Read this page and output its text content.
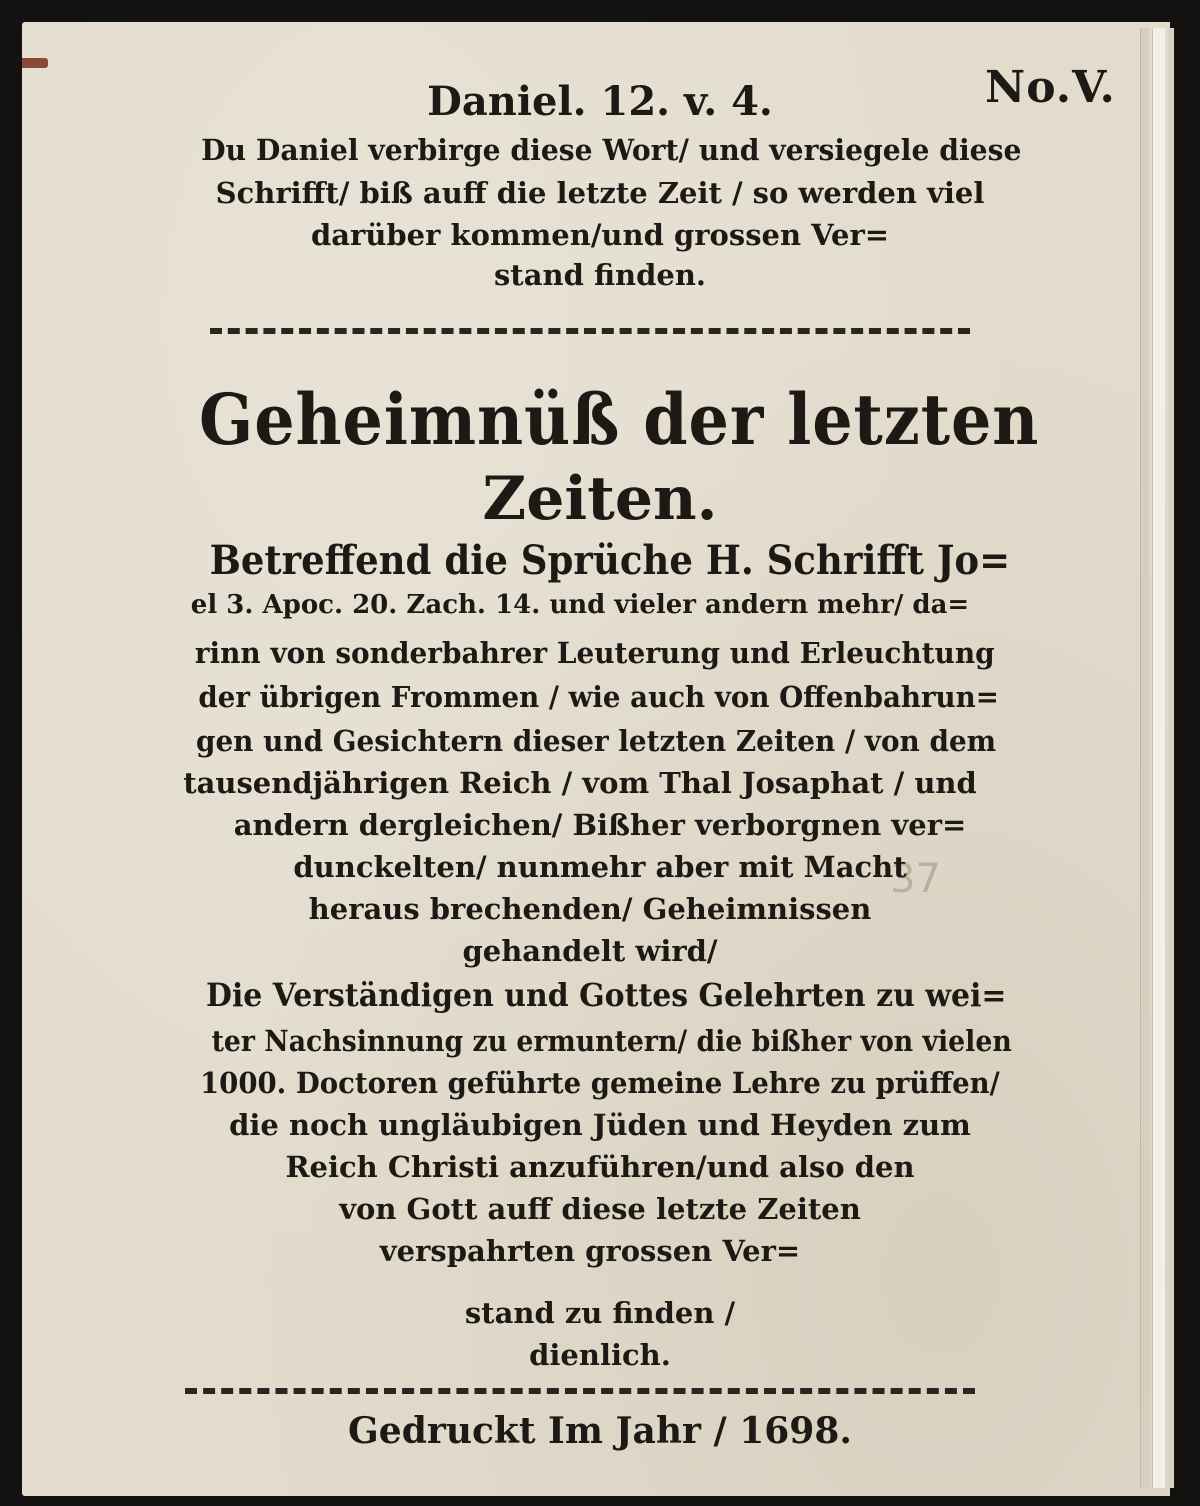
No.V.
37
Daniel. 12. v. 4.
Du Daniel verbirge diese Wort/ und versiegele diese
Schrifft/ biß auff die letzte Zeit / so werden viel
darüber kommen/und grossen Ver=
stand finden.
Geheimnüß der letzten
Zeiten.
Betreffend die Sprüche H. Schrifft Jo=
el 3. Apoc. 20. Zach. 14. und vieler andern mehr/ da=
rinn von sonderbahrer Leuterung und Erleuchtung
der übrigen Frommen / wie auch von Offenbahrun=
gen und Gesichtern dieser letzten Zeiten / von dem
tausendjährigen Reich / vom Thal Josaphat / und
andern dergleichen/ Bißher verborgnen ver=
dunckelten/ nunmehr aber mit Macht
heraus brechenden/ Geheimnissen
gehandelt wird/
Die Verständigen und Gottes Gelehrten zu wei=
ter Nachsinnung zu ermuntern/ die bißher von vielen
1000. Doctoren geführte gemeine Lehre zu prüffen/
die noch ungläubigen Jüden und Heyden zum
Reich Christi anzuführen/und also den
von Gott auff diese letzte Zeiten
verspahrten grossen Ver=
stand zu finden /
dienlich.
Gedruckt Im Jahr / 1698.
